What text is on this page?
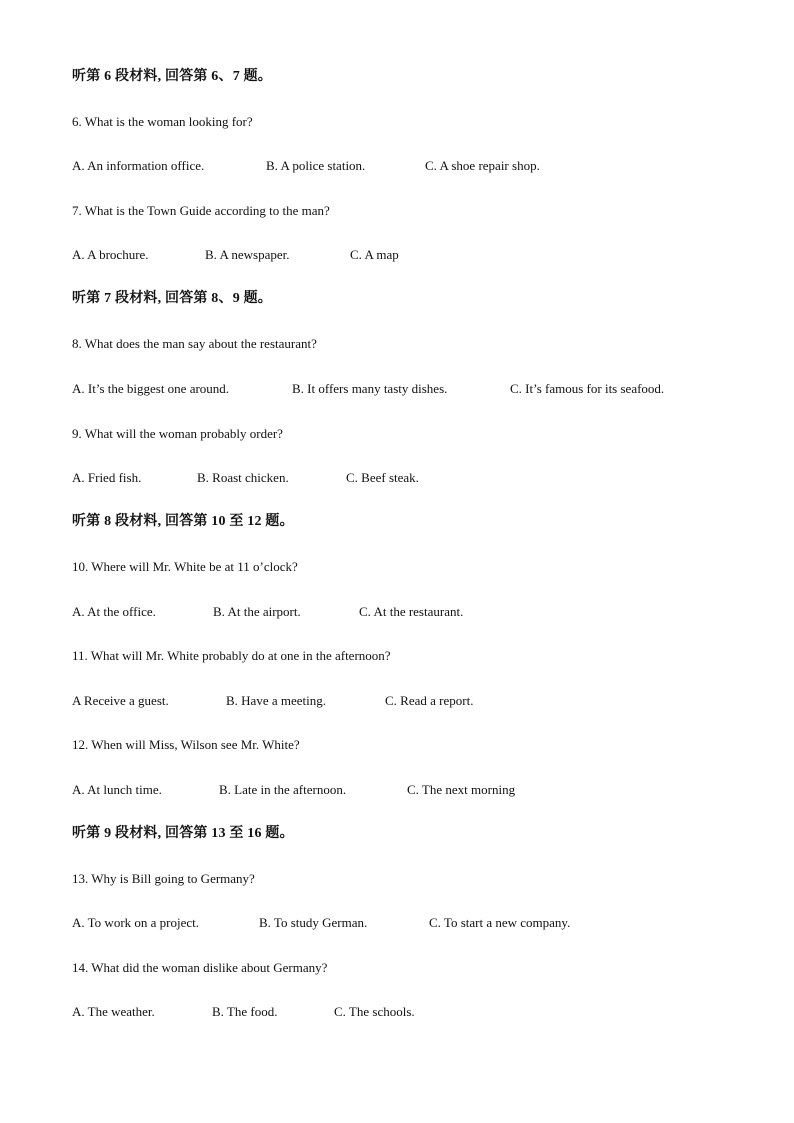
听第 6 段材料, 回答第 6、7 题。
6. What is the woman looking for?
A. An information office.	B. A police station.	C. A shoe repair shop.
7. What is the Town Guide according to the man?
A. A brochure.	B. A newspaper.	C. A map
听第 7 段材料, 回答第 8、9 题。
8. What does the man say about the restaurant?
A. It’s the biggest one around.	B. It offers many tasty dishes.	C. It’s famous for its seafood.
9. What will the woman probably order?
A. Fried fish.	B. Roast chicken.	C. Beef steak.
听第 8 段材料, 回答第 10 至 12 题。
10. Where will Mr. White be at 11 o’clock?
A. At the office.	B. At the airport.	C. At the restaurant.
11. What will Mr. White probably do at one in the afternoon?
A Receive a guest.	B. Have a meeting.	C. Read a report.
12. When will Miss, Wilson see Mr. White?
A. At lunch time.	B. Late in the afternoon.	C. The next morning
听第 9 段材料, 回答第 13 至 16 题。
13. Why is Bill going to Germany?
A. To work on a project.	B. To study German.	C. To start a new company.
14. What did the woman dislike about Germany?
A. The weather.	B. The food.	C. The schools.
